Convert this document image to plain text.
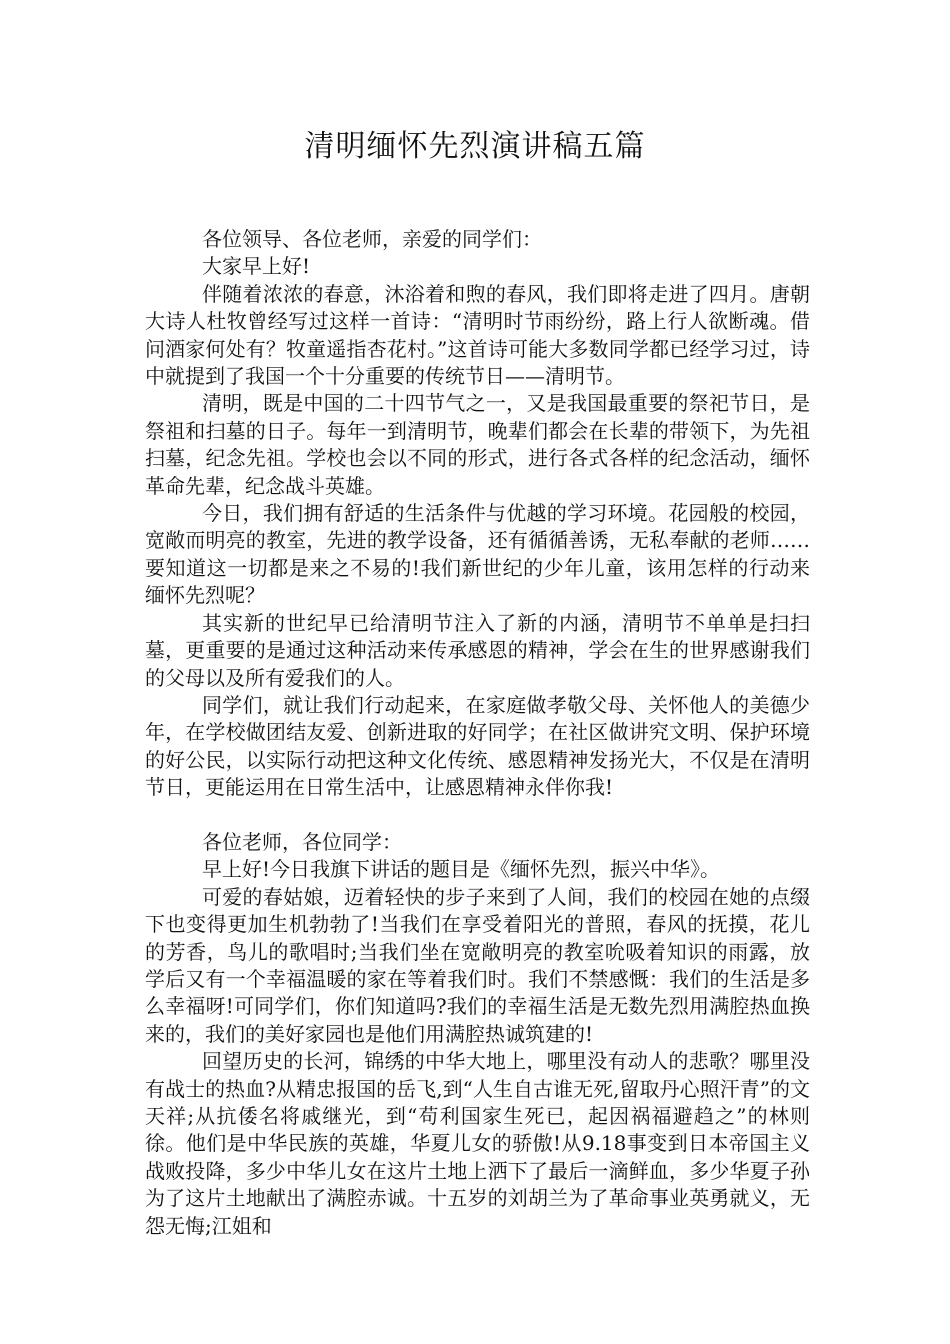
清明缅怀先烈演讲稿五篇

各位领导、各位老师，亲爱的同学们：

大家早上好!

伴随着浓浓的春意，沐浴着和煦的春风，我们即将走进了四月。唐朝大诗人杜牧曾经写过这样一首诗：“清明时节雨纷纷，路上行人欲断魂。借问酒家何处有？牧童遥指杏花村。”这首诗可能大多数同学都已经学习过，诗中就提到了我国一个十分重要的传统节日——清明节。

清明，既是中国的二十四节气之一，又是我国最重要的祭祀节日，是祭祖和扫墓的日子。每年一到清明节，晚辈们都会在长辈的带领下，为先祖扫墓，纪念先祖。学校也会以不同的形式，进行各式各样的纪念活动，缅怀革命先辈，纪念战斗英雄。

今日，我们拥有舒适的生活条件与优越的学习环境。花园般的校园，宽敞而明亮的教室，先进的教学设备，还有循循善诱，无私奉献的老师……要知道这一切都是来之不易的!我们新世纪的少年儿童，该用怎样的行动来缅怀先烈呢？

其实新的世纪早已给清明节注入了新的内涵，清明节不单单是扫扫墓，更重要的是通过这种活动来传承感恩的精神，学会在生的世界感谢我们的父母以及所有爱我们的人。

同学们，就让我们行动起来，在家庭做孝敬父母、关怀他人的美德少年，在学校做团结友爱、创新进取的好同学；在社区做讲究文明、保护环境的好公民，以实际行动把这种文化传统、感恩精神发扬光大，不仅是在清明节日，更能运用在日常生活中，让感恩精神永伴你我!

各位老师，各位同学：

早上好!今日我旗下讲话的题目是《缅怀先烈，振兴中华》。

可爱的春姑娘，迈着轻快的步子来到了人间，我们的校园在她的点缀下也变得更加生机勃勃了!当我们在享受着阳光的普照，春风的抚摸，花儿的芳香，鸟儿的歌唱时;当我们坐在宽敞明亮的教室吮吸着知识的雨露，放学后又有一个幸福温暖的家在等着我们时。我们不禁感慨：我们的生活是多么幸福呀!可同学们，你们知道吗?我们的幸福生活是无数先烈用满腔热血换来的，我们的美好家园也是他们用满腔热诚筑建的!

回望历史的长河，锦绣的中华大地上，哪里没有动人的悲歌？哪里没有战士的热血?从精忠报国的岳飞,到“人生自古谁无死,留取丹心照汗青”的文天祥;从抗倭名将戚继光，到“苟利国家生死已，起因祸福避趋之”的林则徐。他们是中华民族的英雄，华夏儿女的骄傲!从9.18事变到日本帝国主义战败投降，多少中华儿女在这片土地上洒下了最后一滴鲜血，多少华夏子孙为了这片土地献出了满腔赤诚。十五岁的刘胡兰为了革命事业英勇就义，无怨无悔;江姐和
